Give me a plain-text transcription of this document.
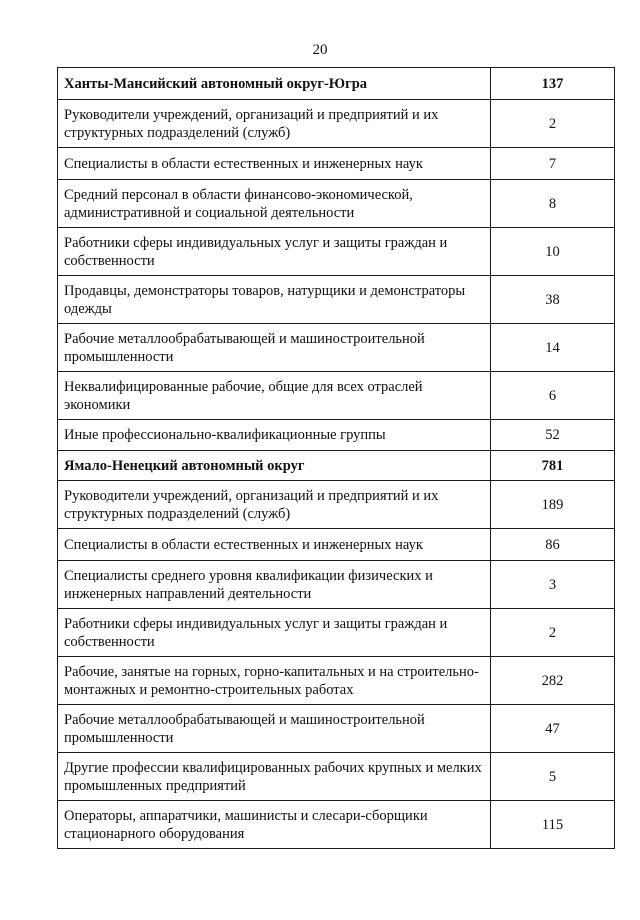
20
Ханты-Мансийский автономный округ-Югра	137
Руководители учреждений, организаций и предприятий и их структурных подразделений (служб)	2
Специалисты в области естественных и инженерных наук	7
Средний персонал в области финансово-экономической, административной и социальной деятельности	8
Работники сферы индивидуальных услуг и защиты граждан и собственности	10
Продавцы, демонстраторы товаров, натурщики и демонстраторы одежды	38
Рабочие металлообрабатывающей и машиностроительной промышленности	14
Неквалифицированные рабочие, общие для всех отраслей экономики	6
Иные профессионально-квалификационные группы	52
Ямало-Ненецкий автономный округ	781
Руководители учреждений, организаций и предприятий и их структурных подразделений (служб)	189
Специалисты в области естественных и инженерных наук	86
Специалисты среднего уровня квалификации физических и инженерных направлений деятельности	3
Работники сферы индивидуальных услуг и защиты граждан и собственности	2
Рабочие, занятые на горных, горно-капитальных и на строительно-монтажных и ремонтно-строительных работах	282
Рабочие металлообрабатывающей и машиностроительной промышленности	47
Другие профессии квалифицированных рабочих крупных и мелких промышленных предприятий	5
Операторы, аппаратчики, машинисты и слесари-сборщики стационарного оборудования	115
